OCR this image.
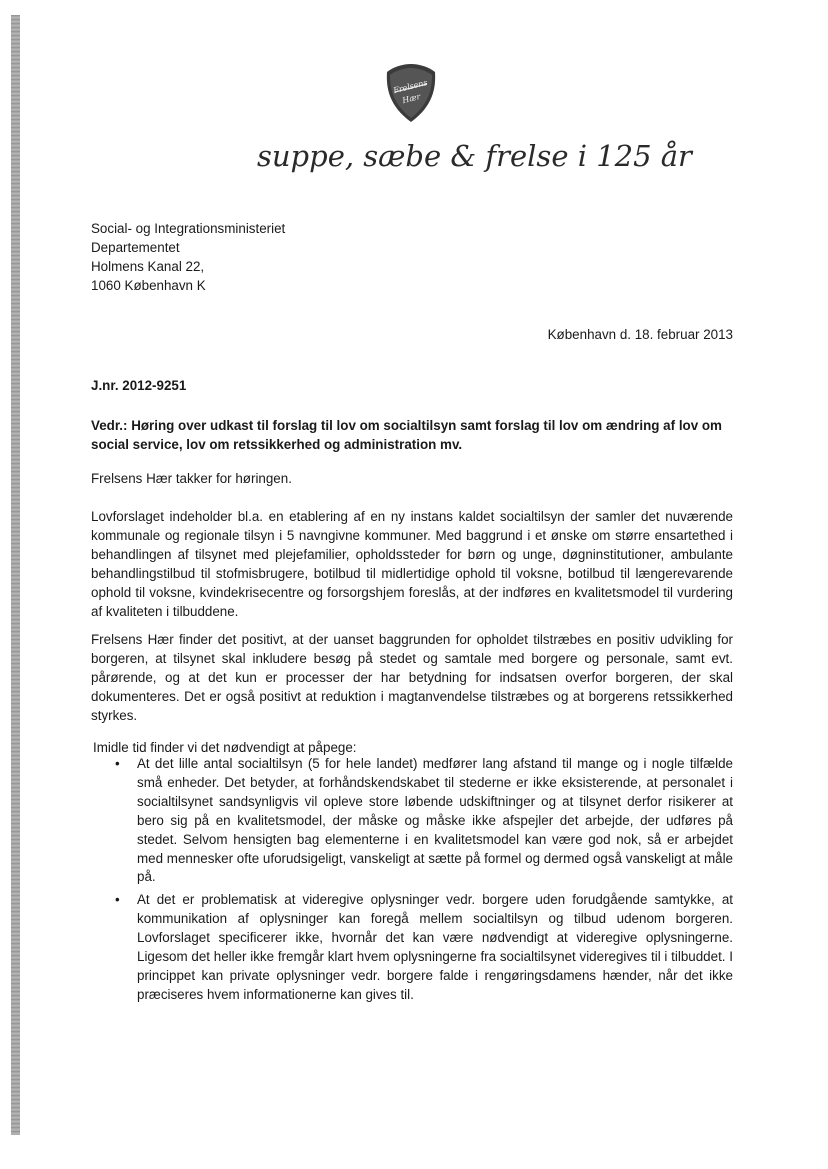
Frelsens
Hær
suppe, sæbe & frelse i 125 år
Social- og Integrationsministeriet
Departementet
Holmens Kanal 22,
1060 København K
København d. 18. februar 2013
J.nr. 2012-9251
Vedr.: Høring over udkast til forslag til lov om socialtilsyn samt forslag til lov om ændring af lov om social service, lov om retssikkerhed og administration mv.
Frelsens Hær takker for høringen.
Lovforslaget indeholder bl.a. en etablering af en ny instans kaldet socialtilsyn der samler det nuværende kommunale og regionale tilsyn i 5 navngivne kommuner. Med baggrund i et ønske om større ensartethed i behandlingen af tilsynet med plejefamilier, opholdssteder for børn og unge, døgninstitutioner, ambulante behandlingstilbud til stofmisbrugere, botilbud til midlertidige ophold til voksne, botilbud til længerevarende ophold til voksne, kvindekrisecentre og forsorgshjem foreslås, at der indføres en kvalitetsmodel til vurdering af kvaliteten i tilbuddene.
Frelsens Hær finder det positivt, at der uanset baggrunden for opholdet tilstræbes en positiv udvikling for borgeren, at tilsynet skal inkludere besøg på stedet og samtale med borgere og personale, samt evt. pårørende, og at det kun er processer der har betydning for indsatsen overfor borgeren, der skal dokumenteres. Det er også positivt at reduktion i magtanvendelse tilstræbes og at borgerens retssikkerhed styrkes.
Imidle tid finder vi det nødvendigt at påpege:
• At det lille antal socialtilsyn (5 for hele landet) medfører lang afstand til mange og i nogle tilfælde små enheder. Det betyder, at forhåndskendskabet til stederne er ikke eksisterende, at personalet i socialtilsynet sandsynligvis vil opleve store løbende udskiftninger og at tilsynet derfor risikerer at bero sig på en kvalitetsmodel, der måske og måske ikke afspejler det arbejde, der udføres på stedet. Selvom hensigten bag elementerne i en kvalitetsmodel kan være god nok, så er arbejdet med mennesker ofte uforudsigeligt, vanskeligt at sætte på formel og dermed også vanskeligt at måle på.
• At det er problematisk at videregive oplysninger vedr. borgere uden forudgående samtykke, at kommunikation af oplysninger kan foregå mellem socialtilsyn og tilbud udenom borgeren. Lovforslaget specificerer ikke, hvornår det kan være nødvendigt at videregive oplysningerne. Ligesom det heller ikke fremgår klart hvem oplysningerne fra socialtilsynet videregives til i tilbuddet. I princippet kan private oplysninger vedr. borgere falde i rengøringsdamens hænder, når det ikke præciseres hvem informationerne kan gives til.
